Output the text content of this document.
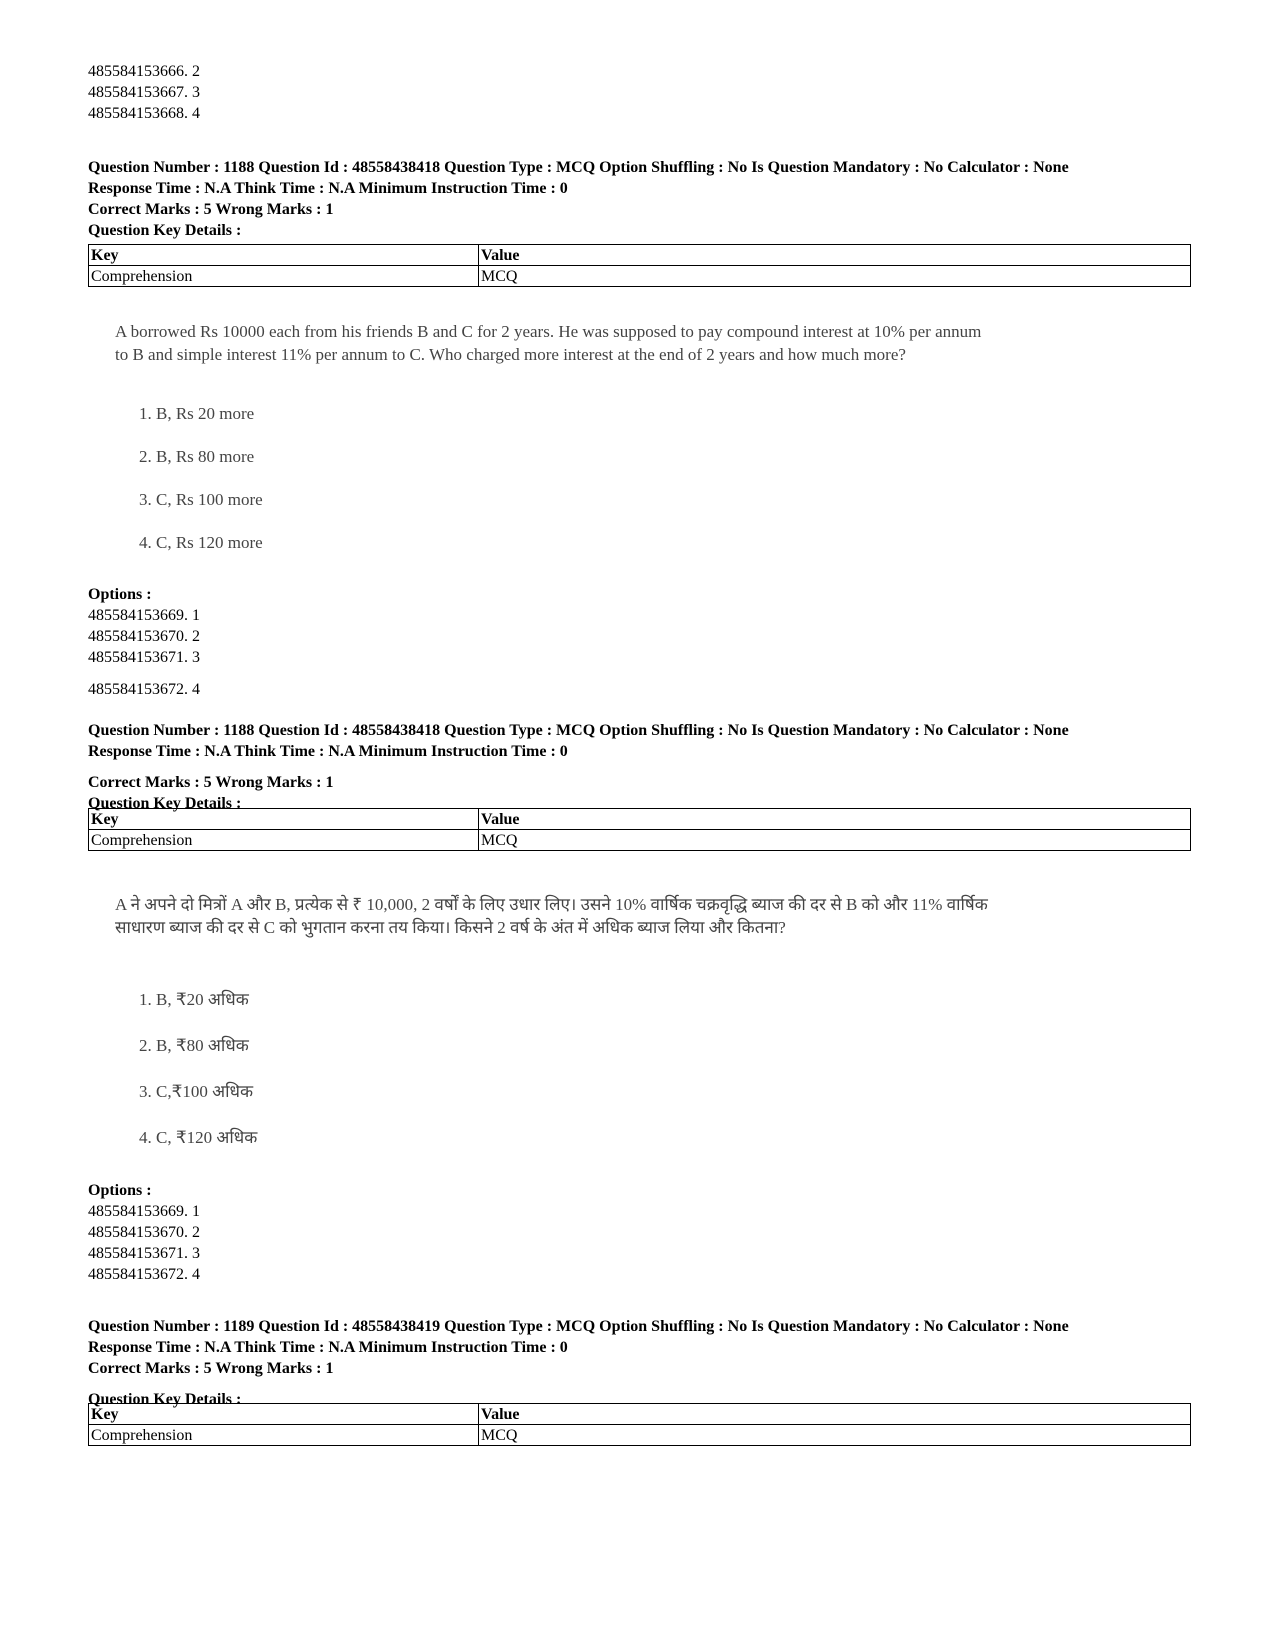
485584153666. 2
485584153667. 3
485584153668. 4
Question Number : 1188 Question Id : 48558438418 Question Type : MCQ Option Shuffling : No Is Question Mandatory : No Calculator : None
Response Time : N.A Think Time : N.A Minimum Instruction Time : 0
Correct Marks : 5 Wrong Marks : 1
Question Key Details :
Key	Value
Comprehension	MCQ
A borrowed Rs 10000 each from his friends B and C for 2 years. He was supposed to pay compound interest at 10% per annum to B and simple interest 11% per annum to C. Who charged more interest at the end of 2 years and how much more?
1. B, Rs 20 more
2. B, Rs 80 more
3. C, Rs 100 more
4. C, Rs 120 more
Options :
485584153669. 1
485584153670. 2
485584153671. 3
485584153672. 4
Question Number : 1188 Question Id : 48558438418 Question Type : MCQ Option Shuffling : No Is Question Mandatory : No Calculator : None
Response Time : N.A Think Time : N.A Minimum Instruction Time : 0
Correct Marks : 5 Wrong Marks : 1
Question Key Details :
Key	Value
Comprehension	MCQ
A ने अपने दो मित्रों A और B, प्रत्येक से ₹ 10,000, 2 वर्षों के लिए उधार लिए। उसने 10% वार्षिक चक्रवृद्धि ब्याज की दर से B को और 11% वार्षिक साधारण ब्याज की दर से C को भुगतान करना तय किया। किसने 2 वर्ष के अंत में अधिक ब्याज लिया और कितना?
1. B, ₹20 अधिक
2. B, ₹80 अधिक
3. C,₹100 अधिक
4. C, ₹120 अधिक
Options :
485584153669. 1
485584153670. 2
485584153671. 3
485584153672. 4
Question Number : 1189 Question Id : 48558438419 Question Type : MCQ Option Shuffling : No Is Question Mandatory : No Calculator : None
Response Time : N.A Think Time : N.A Minimum Instruction Time : 0
Correct Marks : 5 Wrong Marks : 1
Question Key Details :
Key	Value
Comprehension	MCQ
